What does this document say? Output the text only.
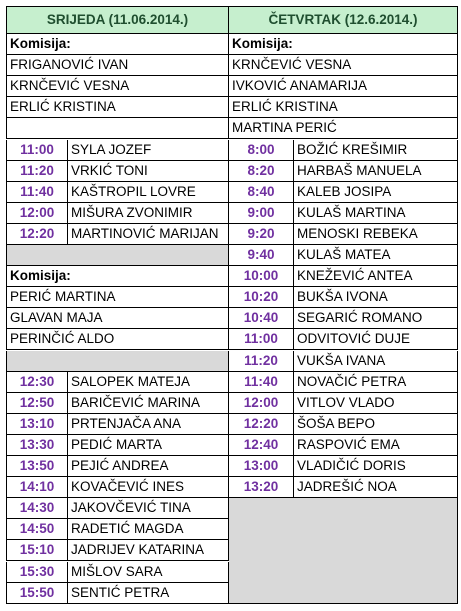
SRIJEDA (11.06.2014.)	ČETVRTAK (12.6.2014.)
Komisija:
FRIGANOVIĆ IVAN
KRNČEVIĆ VESNA
ERLIĆ KRISTINA
11:00	SYLA JOZEF
11:20	VRKIĆ TONI
11:40	KAŠTROPIL LOVRE
12:00	MIŠURA ZVONIMIR
12:20	MARTINOVIĆ MARIJAN
Komisija:
PERIĆ MARTINA
GLAVAN MAJA
PERINČIĆ ALDO
12:30	SALOPEK MATEJA
12:50	BARIČEVIĆ MARINA
13:10	PRTENJAČA ANA
13:30	PEDIĆ MARTA
13:50	PEJIĆ ANDREA
14:10	KOVAČEVIĆ INES
14:30	JAKOVČEVIĆ TINA
14:50	RADETIĆ MAGDA
15:10	JADRIJEV KATARINA
15:30	MIŠLOV SARA
15:50	SENTIĆ PETRA
Komisija:
KRNČEVIĆ VESNA
IVKOVIĆ ANAMARIJA
ERLIĆ KRISTINA
MARTINA PERIĆ
8:00	BOŽIĆ KREŠIMIR
8:20	HARBAŠ MANUELA
8:40	KALEB JOSIPA
9:00	KULAŠ MARTINA
9:20	MENOSKI REBEKA
9:40	KULAŠ MATEA
10:00	KNEŽEVIĆ ANTEA
10:20	BUKŠA IVONA
10:40	SEGARIĆ ROMANO
11:00	ODVITOVIĆ DUJE
11:20	VUKŠA IVANA
11:40	NOVAČIĆ PETRA
12:00	VITLOV VLADO
12:20	ŠOŠA BEPO
12:40	RASPOVIĆ EMA
13:00	VLADIČIĆ DORIS
13:20	JADREŠIĆ NOA
